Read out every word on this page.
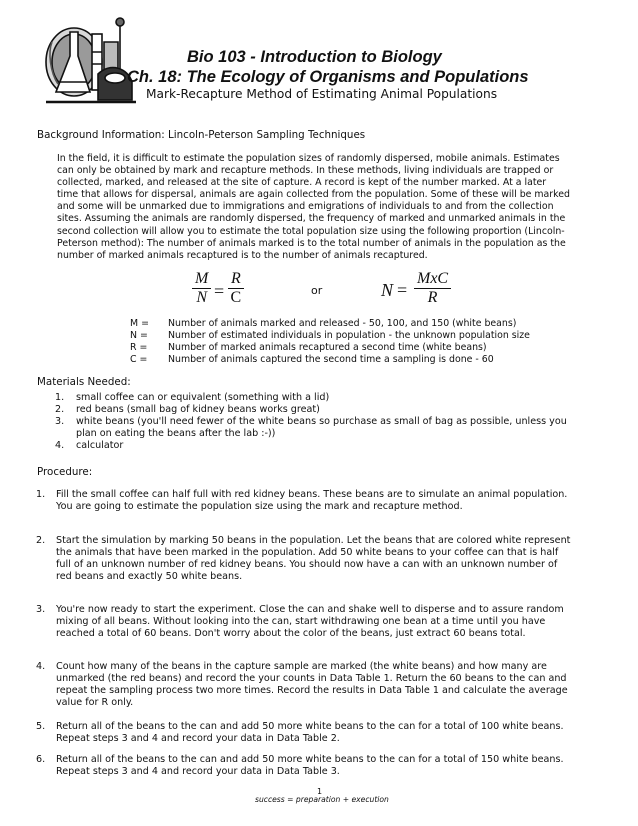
Bio 103 - Introduction to Biology
Ch. 18: The Ecology of Organisms and Populations
Mark-Recapture Method of Estimating Animal Populations
Background Information: Lincoln-Peterson Sampling Techniques

In the field, it is difficult to estimate the population sizes of randomly dispersed, mobile animals. Estimates

can only be obtained by mark and recapture methods. In these methods, living individuals are trapped or

collected, marked, and released at the site of capture. A record is kept of the number marked. At a later

time that allows for dispersal, animals are again collected from the population. Some of these will be marked

and some will be unmarked due to immigrations and emigrations of individuals to and from the collection

sites. Assuming the animals are randomly dispersed, the frequency of marked and unmarked animals in the

second collection will allow you to estimate the total population size using the following proportion (Lincoln-

Peterson method): The number of animals marked is to the total number of animals in the population as the

number of marked animals recaptured is to the number of animals recaptured.

$\frac{M}{N} = \frac{R}{C}$	or	N =
MxC
R
M =	Number of animals marked and released - 50, 100, and 150 (white beans)
N =	Number of estimated individuals in population - the unknown population size
R =	Number of marked animals recaptured a second time (white beans)
C =	Number of animals captured the second time a sampling is done - 60
Materials Needed:
1.	small coffee can or equivalent (something with a lid)
2.	red beans (small bag of kidney beans works great)
3.	white beans (you'll need fewer of the white beans so purchase as small of bag as possible, unless you
plan on eating the beans after the lab :-))
4.	calculator
Procedure:
1.	Fill the small coffee can half full with red kidney beans. These beans are to simulate an animal population.

You are going to estimate the population size using the mark and recapture method.

2.	Start the simulation by marking 50 beans in the population. Let the beans that are colored white represent

the animals that have been marked in the population. Add 50 white beans to your coffee can that is half

full of an unknown number of red kidney beans. You should now have a can with an unknown number of

red beans and exactly 50 white beans.

3.	You're now ready to start the experiment. Close the can and shake well to disperse and to assure random

mixing of all beans. Without looking into the can, start withdrawing one bean at a time until you have

reached a total of 60 beans. Don't worry about the color of the beans, just extract 60 beans total.

4.	Count how many of the beans in the capture sample are marked (the white beans) and how many are

unmarked (the red beans) and record the your counts in Data Table 1. Return the 60 beans to the can and

repeat the sampling process two more times. Record the results in Data Table 1 and calculate the average

value for R only.

5.	Return all of the beans to the can and add 50 more white beans to the can for a total of 100 white beans.

Repeat steps 3 and 4 and record your data in Data Table 2.

6.	Return all of the beans to the can and add 50 more white beans to the can for a total of 150 white beans.

Repeat steps 3 and 4 and record your data in Data Table 3.

1
success = preparation + execution
